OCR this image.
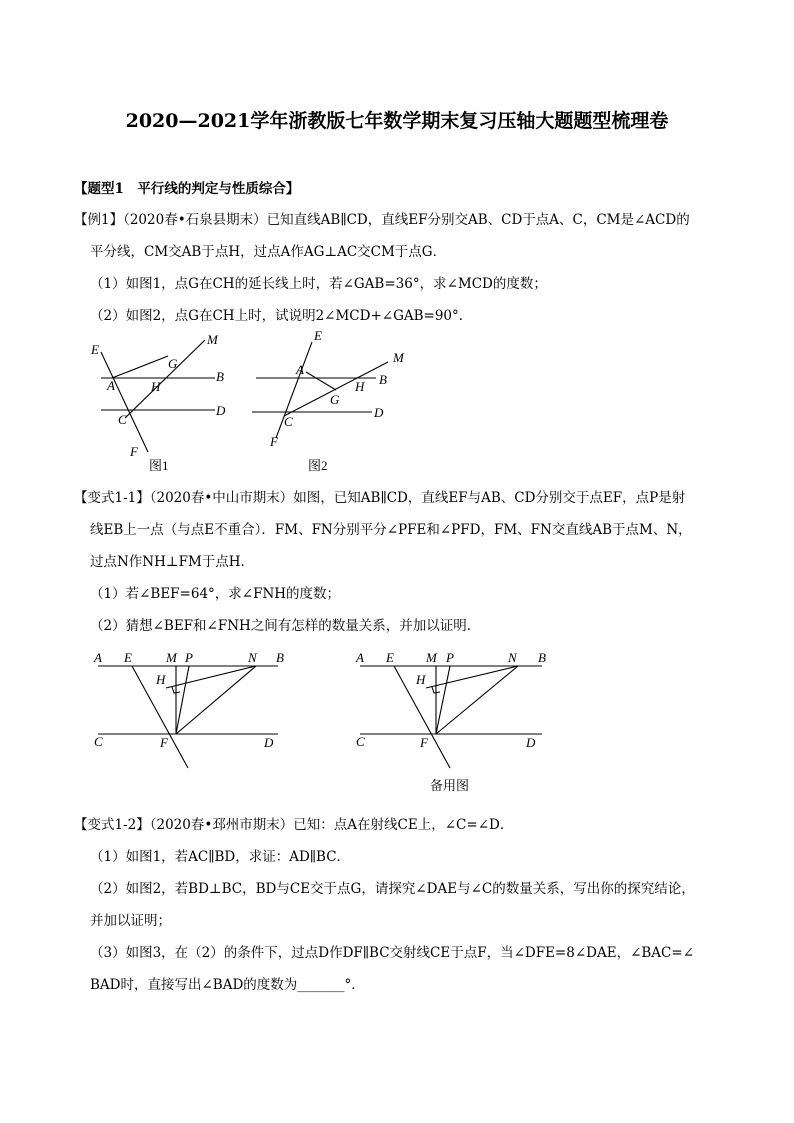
2020—2021学年浙教版七年数学期末复习压轴大题题型梳理卷
【题型1　平行线的判定与性质综合】
【例1】（2020春•石泉县期末）已知直线AB∥CD，直线EF分别交AB、CD于点A、C，CM是∠ACD的
平分线，CM交AB于点H，过点A作AG⊥AC交CM于点G．
（1）如图1，点G在CH的延长线上时，若∠GAB=36°，求∠MCD的度数；
（2）如图2，点G在CH上时，试说明2∠MCD+∠GAB=90°．
E
M
G
A	H
B
C
D
F
图1
E
M
A
H B
G
C
D
F
图2
【变式1-1】（2020春•中山市期末）如图，已知AB∥CD，直线EF与AB、CD分别交于点EF，点P是射
线EB上一点（与点E不重合）．FM、FN分别平分∠PFE和∠PFD，FM、FN交直线AB于点M、N，
过点N作NH⊥FM于点H．
（1）若∠BEF=64°，求∠FNH的度数；
（2）猜想∠BEF和∠FNH之间有怎样的数量关系，并加以证明．
A E	M P	N B
H
C	F	D
A E M P	N B
H
C	F	D
备用图
【变式1-2】（2020春•邳州市期末）已知：点A在射线CE上，∠C=∠D．
（1）如图1，若AC∥BD，求证：AD∥BC．
（2）如图2，若BD⊥BC，BD与CE交于点G，请探究∠DAE与∠C的数量关系，写出你的探究结论，
并加以证明；
（3）如图3，在（2）的条件下，过点D作DF∥BC交射线CE于点F，当∠DFE=8∠DAE，∠BAC=∠
BAD时，直接写出∠BAD的度数为_______°．
